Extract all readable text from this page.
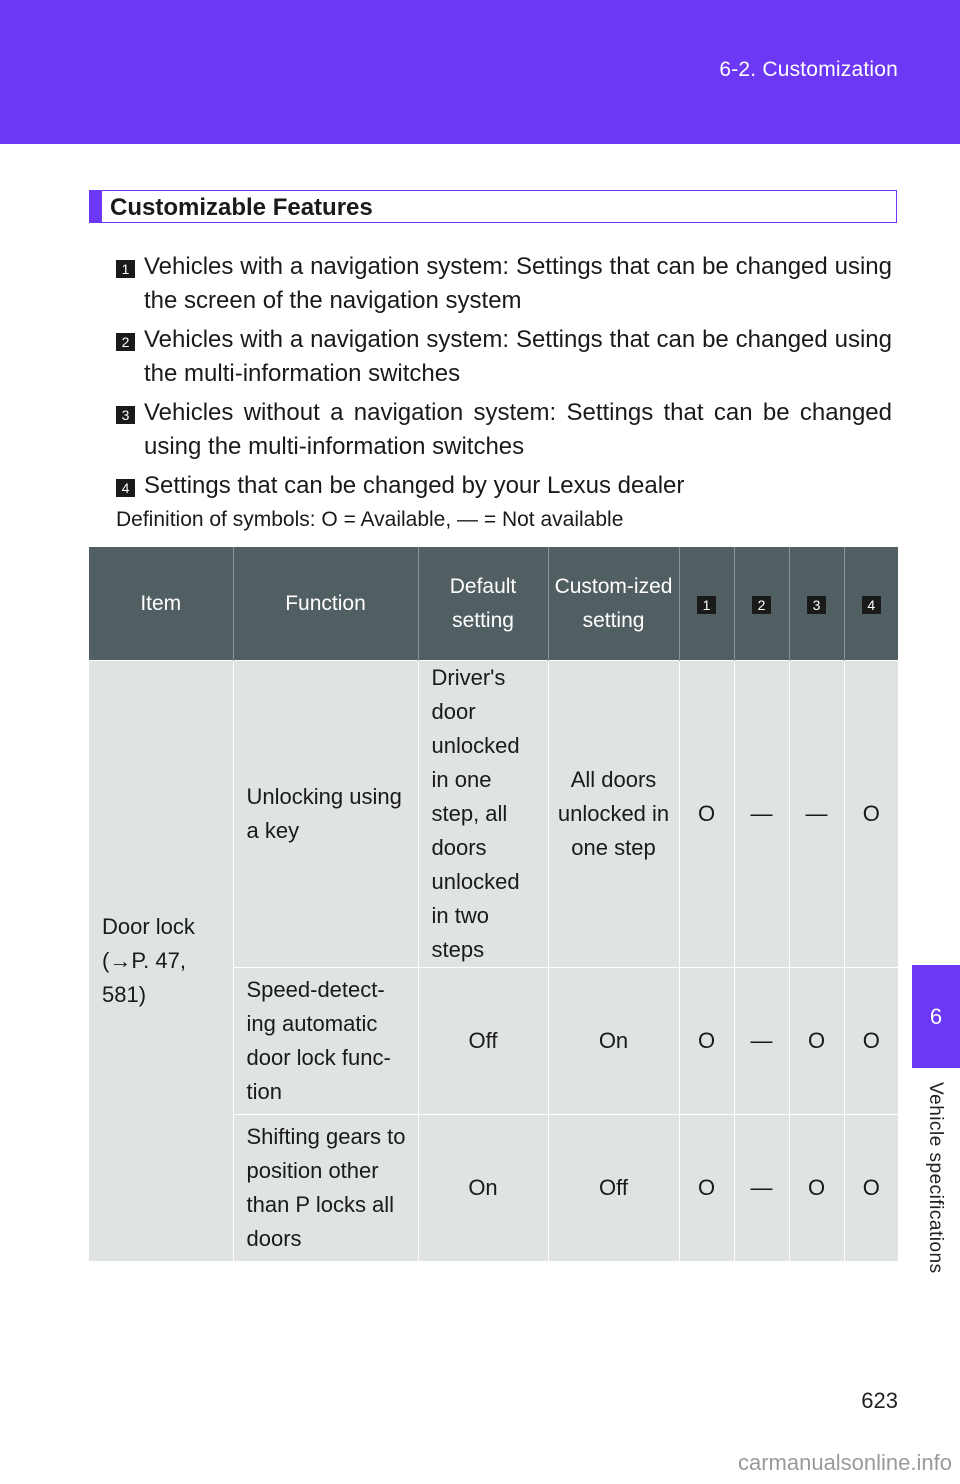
6-2. Customization
6
Vehicle specifications
Customizable Features
1 Vehicles with a navigation system: Settings that can be changed using the screen of the navigation system
2 Vehicles with a navigation system: Settings that can be changed using the multi-information switches
3 Vehicles without a navigation system: Settings that can be changed using the multi-information switches
4 Settings that can be changed by your Lexus dealer
Definition of symbols: O = Available, — = Not available
Item	Function	Default setting	Custom-ized setting	1	2	3	4
Door lock (→P. 47, 581)	Unlocking using a key	Driver's door unlocked in one step, all doors unlocked in two steps	All doors unlocked in one step	O	—	—	O
	Speed-detect-ing automatic door lock func-tion	Off	On	O	—	O	O
	Shifting gears to position other than P locks all doors	On	Off	O	—	O	O
623
carmanualsonline.info
